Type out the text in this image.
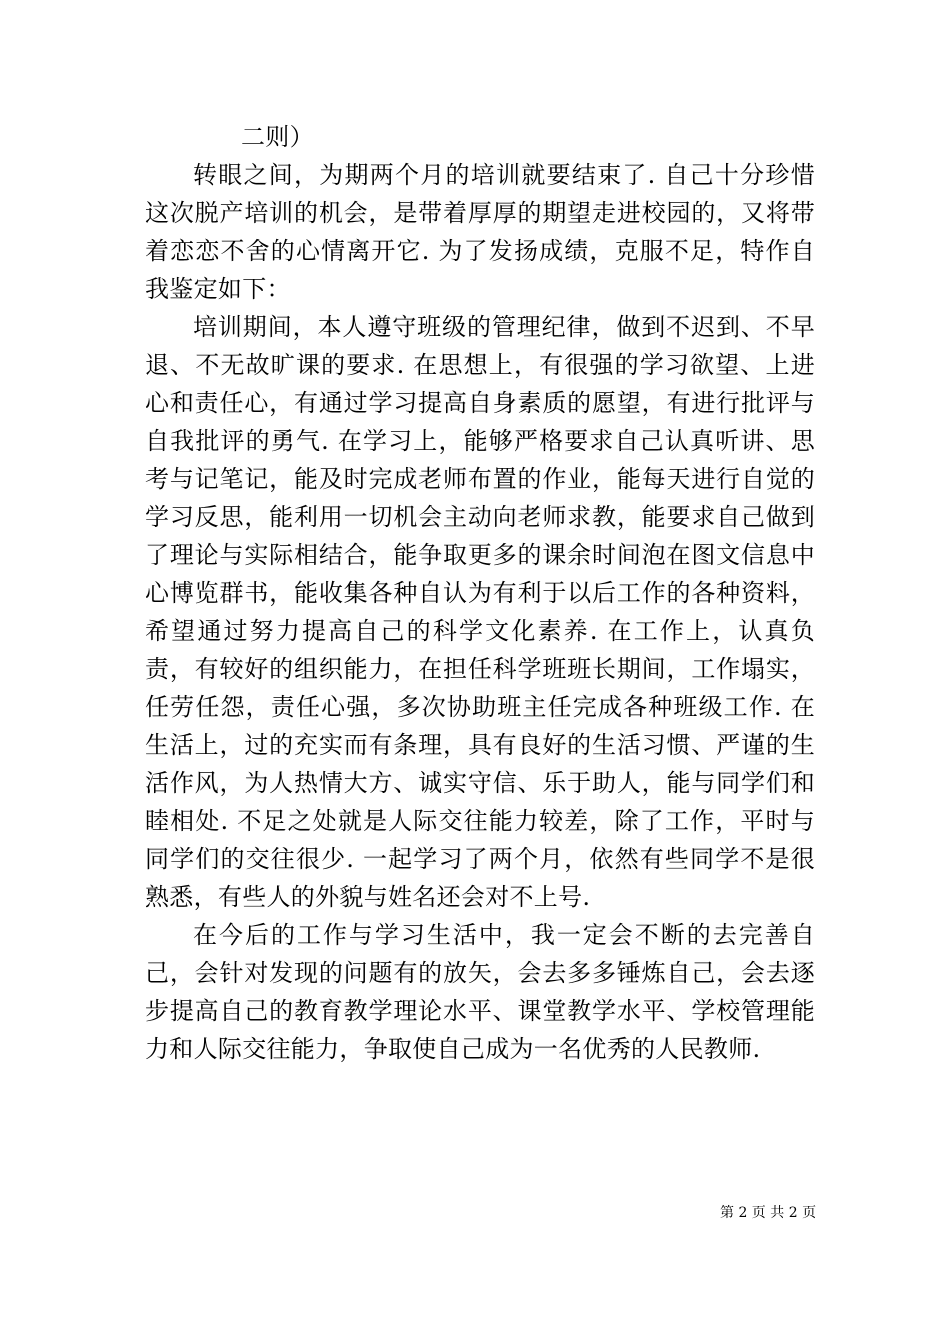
二则）

转眼之间，为期两个月的培训就要结束了. 自己十分珍惜这次脱产培训的机会，是带着厚厚的期望走进校园的，又将带着恋恋不舍的心情离开它. 为了发扬成绩，克服不足，特作自我鉴定如下：

培训期间，本人遵守班级的管理纪律，做到不迟到、不早退、不无故旷课的要求. 在思想上，有很强的学习欲望、上进心和责任心，有通过学习提高自身素质的愿望，有进行批评与自我批评的勇气. 在学习上，能够严格要求自己认真听讲、思考与记笔记，能及时完成老师布置的作业，能每天进行自觉的学习反思，能利用一切机会主动向老师求教，能要求自己做到了理论与实际相结合，能争取更多的课余时间泡在图文信息中心博览群书，能收集各种自认为有利于以后工作的各种资料，希望通过努力提高自己的科学文化素养. 在工作上，认真负责，有较好的组织能力，在担任科学班班长期间，工作塌实，任劳任怨，责任心强，多次协助班主任完成各种班级工作. 在生活上，过的充实而有条理，具有良好的生活习惯、严谨的生活作风，为人热情大方、诚实守信、乐于助人，能与同学们和睦相处. 不足之处就是人际交往能力较差，除了工作，平时与同学们的交往很少. 一起学习了两个月，依然有些同学不是很熟悉，有些人的外貌与姓名还会对不上号.

在今后的工作与学习生活中，我一定会不断的去完善自己，会针对发现的问题有的放矢，会去多多锤炼自己，会去逐步提高自己的教育教学理论水平、课堂教学水平、学校管理能力和人际交往能力，争取使自己成为一名优秀的人民教师.

第 2 页 共 2 页
